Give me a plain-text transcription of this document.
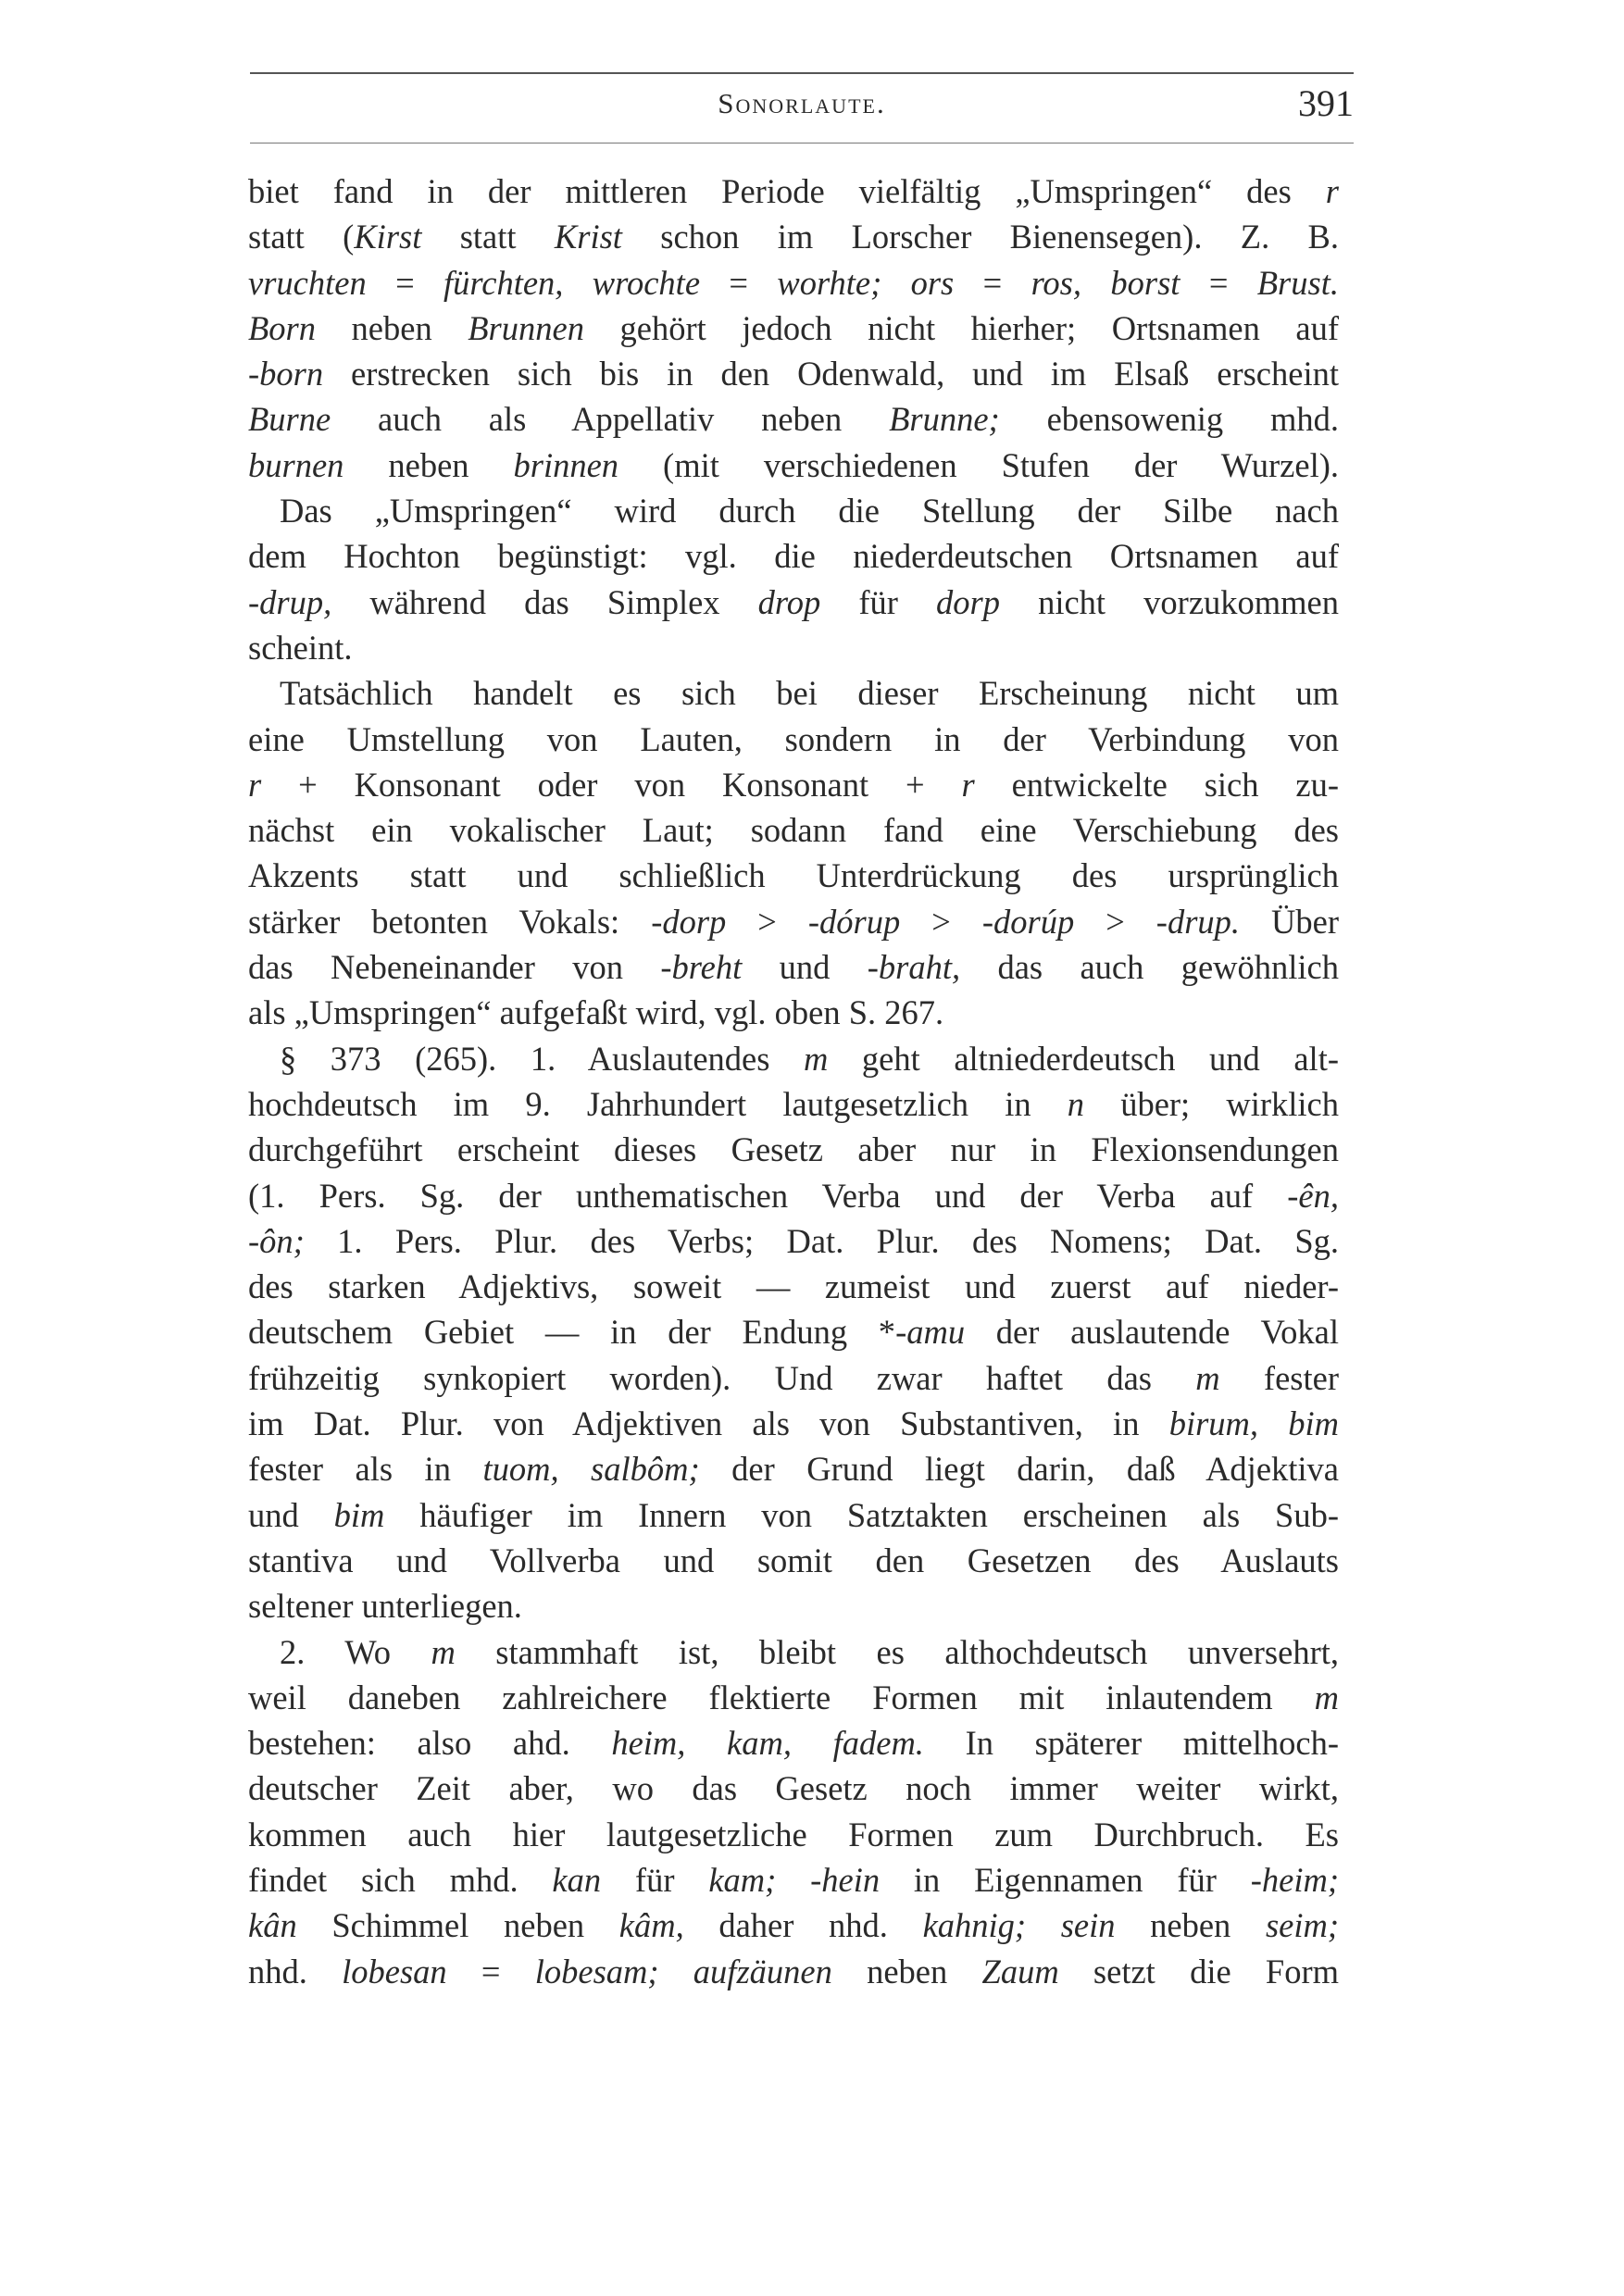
Sonorlaute.	391
biet fand in der mittleren Periode vielfältig „Umspringen“ des r
statt (Kirst statt Krist schon im Lorscher Bienensegen). Z. B.
vruchten = fürchten, wrochte = worhte; ors = ros, borst = Brust.
Born neben Brunnen gehört jedoch nicht hierher; Ortsnamen auf
-born erstrecken sich bis in den Odenwald, und im Elsaß erscheint
Burne auch als Appellativ neben Brunne; ebensowenig mhd.
burnen neben brinnen (mit verschiedenen Stufen der Wurzel).
Das „Umspringen“ wird durch die Stellung der Silbe nach
dem Hochton begünstigt: vgl. die niederdeutschen Ortsnamen auf
-drup, während das Simplex drop für dorp nicht vorzukommen
scheint.
Tatsächlich handelt es sich bei dieser Erscheinung nicht um
eine Umstellung von Lauten, sondern in der Verbindung von
r + Konsonant oder von Konsonant + r entwickelte sich zu-
nächst ein vokalischer Laut; sodann fand eine Verschiebung des
Akzents statt und schließlich Unterdrückung des ursprünglich
stärker betonten Vokals: -dorp > -dórup > -dorúp > -drup. Über
das Nebeneinander von -breht und -braht, das auch gewöhnlich
als „Umspringen“ aufgefaßt wird, vgl. oben S. 267.
§ 373 (265). 1. Auslautendes m geht altniederdeutsch und alt-
hochdeutsch im 9. Jahrhundert lautgesetzlich in n über; wirklich
durchgeführt erscheint dieses Gesetz aber nur in Flexionsendungen
(1. Pers. Sg. der unthematischen Verba und der Verba auf -ên,
-ôn; 1. Pers. Plur. des Verbs; Dat. Plur. des Nomens; Dat. Sg.
des starken Adjektivs, soweit — zumeist und zuerst auf nieder-
deutschem Gebiet — in der Endung *-amu der auslautende Vokal
frühzeitig synkopiert worden). Und zwar haftet das m fester
im Dat. Plur. von Adjektiven als von Substantiven, in birum, bim
fester als in tuom, salbôm; der Grund liegt darin, daß Adjektiva
und bim häufiger im Innern von Satztakten erscheinen als Sub-
stantiva und Vollverba und somit den Gesetzen des Auslauts
seltener unterliegen.
2. Wo m stammhaft ist, bleibt es althochdeutsch unversehrt,
weil daneben zahlreichere flektierte Formen mit inlautendem m
bestehen: also ahd. heim, kam, fadem. In späterer mittelhoch-
deutscher Zeit aber, wo das Gesetz noch immer weiter wirkt,
kommen auch hier lautgesetzliche Formen zum Durchbruch. Es
findet sich mhd. kan für kam; -hein in Eigennamen für -heim;
kân Schimmel neben kâm, daher nhd. kahnig; sein neben seim;
nhd. lobesan = lobesam; aufzäunen neben Zaum setzt die Form
